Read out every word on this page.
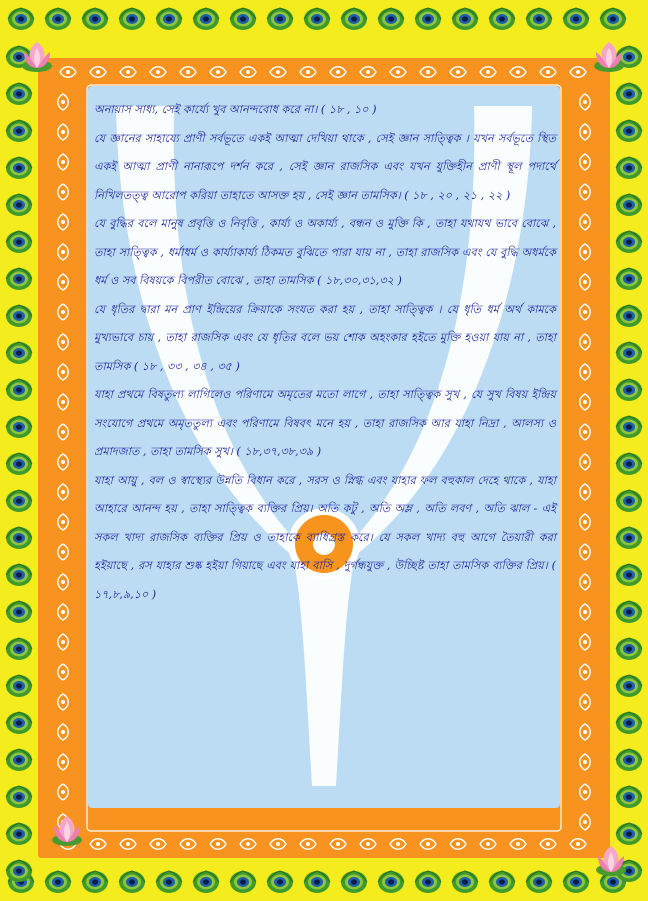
অনায়াস সাধ্য, সেই কার্য্যে খুব আনন্দবোধ করে না। ( ১৮ , ১০ )

যে জ্ঞানের সাহায্যে প্রাণী সর্বভূতে একই আত্মা দেখিয়া থাকে , সেই জ্ঞান সাত্ত্বিক । যখন সর্বভূতে স্থিত একই আত্মা প্রাণী নানারূপে দর্শন করে , সেই জ্ঞান রাজসিক এবং যখন যুক্তিহীন প্রাণী স্থূল পদার্থে নিখিলতত্ত্ব আরোপ করিয়া তাহাতে আসক্ত হয় , সেই জ্ঞান তামসিক। ( ১৮ , ২০ , ২১ , ২২ )

যে বুদ্ধির বলে মানুষ প্রবৃত্তি ও নিবৃত্তি , কার্য্য ও অকার্য্য , বন্ধন ও মুক্তি কি , তাহা যথাযথ ভাবে বোঝে , তাহা সাত্ত্বিক , ধর্মাধর্ম ও কার্য্যাকার্য্য ঠিকমত বুঝিতে পারা যায় না , তাহা রাজসিক এবং যে বুদ্ধি অধর্মকে ধর্ম ও সব বিষয়কে বিপরীত বোঝে , তাহা তামসিক ( ১৮,৩০,৩১,৩২ )

যে ধৃতির দ্বারা মন প্রাণ ইন্দ্রিয়ের ক্রিয়াকে সংযত করা হয় , তাহা সাত্ত্বিক । যে ধৃতি ধর্ম অর্থ কামকে মুখ্যভাবে চায় , তাহা রাজসিক এবং যে ধৃতির বলে ভয় শোক অহংকার হইতে মুক্তি হওয়া যায় না , তাহা তামসিক ( ১৮ , ৩৩ , ৩৪ , ৩৫ )

যাহা প্রথমে বিষতুল্য লাগিলেও পরিণামে অমৃতের মতো লাগে , তাহা সাত্ত্বিক সুখ , যে সুখ বিষয় ইন্দ্রিয় সংযোগে প্রথমে অমৃততুল্য এবং পরিণামে বিষবৎ মনে হয় , তাহা রাজসিক আর যাহা নিদ্রা , আলস্য ও প্রমাদজাত , তাহা তামসিক সুখ। ( ১৮,৩৭,৩৮,৩৯ )

যাহা আয়ু , বল ও স্বাস্থ্যের উন্নতি বিধান করে , সরস ও স্নিগ্ধ এবং যাহার ফল বহুকাল দেহে থাকে , যাহা আহারে আনন্দ হয় , তাহা সাত্ত্বিক ব্যক্তির প্রিয়। অতি কটু , অতি অম্ল , অতি লবণ , অতি ঝাল - এই সকল খাদ্য রাজসিক ব্যক্তির প্রিয় ও তাহাকে ব্যাধিগ্রস্ত করে। যে সকল খাদ্য বহু আগে তৈয়ারী করা হইয়াছে , রস যাহার শুষ্ক হইয়া গিয়াছে এবং যাহা বাসি , দুর্গন্ধযুক্ত , উচ্ছিষ্ট তাহা তামসিক ব্যক্তির প্রিয়। ( ১৭,৮,৯,১০ )
